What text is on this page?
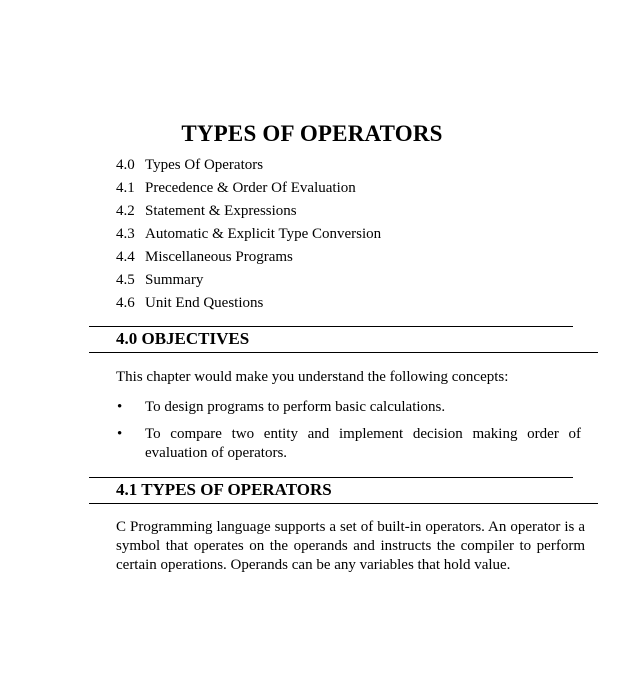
TYPES OF OPERATORS
4.0 Types Of Operators
4.1 Precedence & Order Of Evaluation
4.2 Statement & Expressions
4.3 Automatic & Explicit Type Conversion
4.4 Miscellaneous Programs
4.5 Summary
4.6 Unit End Questions
4.0 OBJECTIVES

This chapter would make you understand the following concepts:

• To design programs to perform basic calculations.
• To compare two entity and implement decision making order of evaluation of operators.
4.1 TYPES OF OPERATORS

C Programming language supports a set of built-in operators. An operator is a symbol that operates on the operands and instructs the compiler to perform certain operations. Operands can be any variables that hold value.
